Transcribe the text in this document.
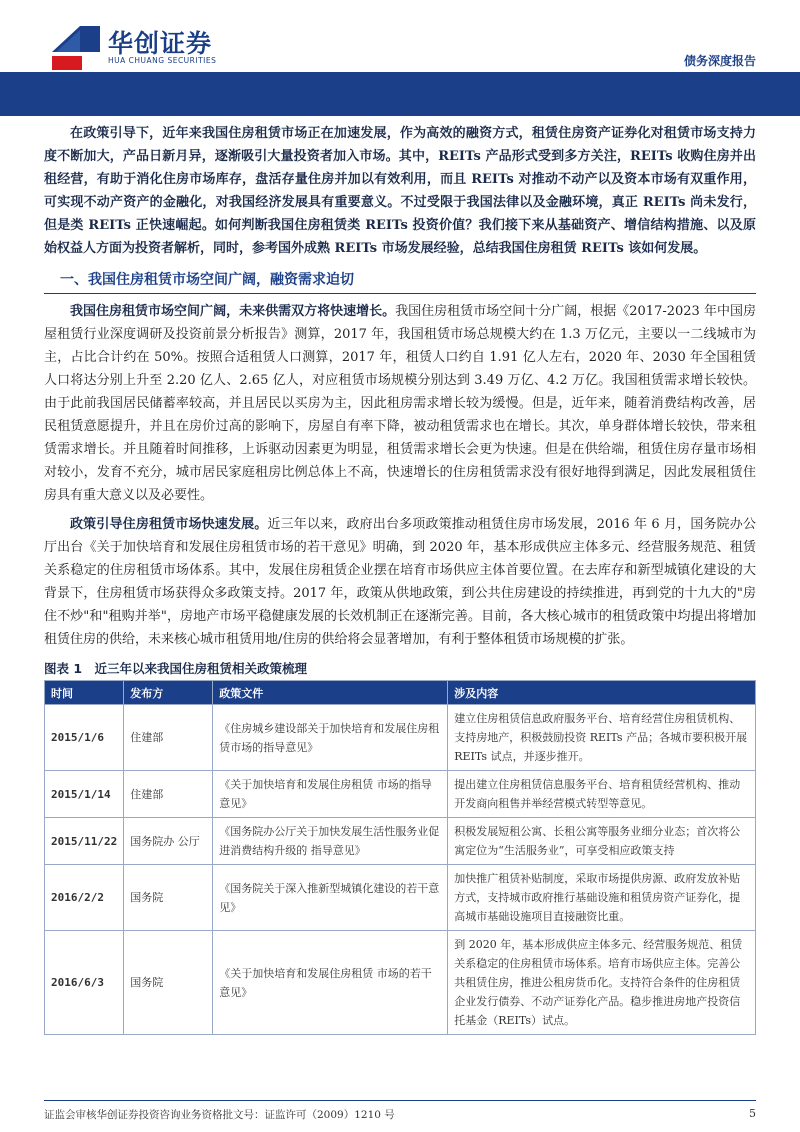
华创证券
HUA CHUANG SECURITIES	债务深度报告

在政策引导下，近年来我国住房租赁市场正在加速发展，作为高效的融资方式，租赁住房资产证券化对租赁市场支持力度不断加大，产品日新月异，逐渐吸引大量投资者加入市场。其中，REITs 产品形式受到多方关注，REITs 收购住房并出租经营，有助于消化住房市场库存，盘活存量住房并加以有效利用，而且 REITs 对推动不动产以及资本市场有双重作用，可实现不动产资产的金融化，对我国经济发展具有重要意义。不过受限于我国法律以及金融环境，真正 REITs 尚未发行，但是类 REITs 正快速崛起。如何判断我国住房租赁类 REITs 投资价值？我们接下来从基础资产、增信结构措施、以及原始权益人方面为投资者解析，同时，参考国外成熟 REITs 市场发展经验，总结我国住房租赁 REITs 该如何发展。

一、我国住房租赁市场空间广阔，融资需求迫切

我国住房租赁市场空间广阔，未来供需双方将快速增长。我国住房租赁市场空间十分广阔，根据《2017-2023 年中国房屋租赁行业深度调研及投资前景分析报告》测算，2017 年，我国租赁市场总规模大约在 1.3 万亿元，主要以一二线城市为主，占比合计约在 50%。按照合适租赁人口测算，2017 年，租赁人口约自 1.91 亿人左右，2020 年、2030 年全国租赁人口将达分别上升至 2.20 亿人、2.65 亿人，对应租赁市场规模分别达到 3.49 万亿、4.2 万亿。我国租赁需求增长较快。由于此前我国居民储蓄率较高，并且居民以买房为主，因此租房需求增长较为缓慢。但是，近年来，随着消费结构改善，居民租赁意愿提升，并且在房价过高的影响下，房屋自有率下降，被动租赁需求也在增长。其次，单身群体增长较快，带来租赁需求增长。并且随着时间推移，上诉驱动因素更为明显，租赁需求增长会更为快速。但是在供给端，租赁住房存量市场相对较小，发育不充分，城市居民家庭租房比例总体上不高，快速增长的住房租赁需求没有很好地得到满足，因此发展租赁住房具有重大意义以及必要性。

政策引导住房租赁市场快速发展。近三年以来，政府出台多项政策推动租赁住房市场发展，2016 年 6 月，国务院办公厅出台《关于加快培育和发展住房租赁市场的若干意见》明确，到 2020 年，基本形成供应主体多元、经营服务规范、租赁关系稳定的住房租赁市场体系。其中，发展住房租赁企业摆在培育市场供应主体首要位置。在去库存和新型城镇化建设的大背景下，住房租赁市场获得众多政策支持。2017 年，政策从供地政策，到公共住房建设的持续推进，再到党的十九大的"房住不炒"和"租购并举"，房地产市场平稳健康发展的长效机制正在逐渐完善。目前，各大核心城市的租赁政策中均提出将增加租赁住房的供给，未来核心城市租赁用地/住房的供给将会显著增加，有利于整体租赁市场规模的扩张。

图表 1　近三年以来我国住房租赁相关政策梳理
时间	发布方	政策文件	涉及内容
2015/1/6	住建部	《住房城乡建设部关于加快培育和发展住房租赁市场的指导意见》	建立住房租赁信息政府服务平台、培育经营住房租赁机构、支持房地产，积极鼓励投资 REITs 产品；各城市要积极开展 REITs 试点，并逐步推开。
2015/1/14	住建部	《关于加快培育和发展住房租赁 市场的指导意见》	提出建立住房租赁信息服务平台、培育租赁经营机构、推动开发商向租售并举经营模式转型等意见。
2015/11/22	国务院办 公厅	《国务院办公厅关于加快发展生活性服务业促进消费结构升级的 指导意见》	积极发展短租公寓、长租公寓等服务业细分业态；首次将公寓定位为“生活服务业”，可享受相应政策支持
2016/2/2	国务院	《国务院关于深入推新型城镇化建设的若干意见》	加快推广租赁补贴制度，采取市场提供房源、政府发放补贴方式，支持城市政府推行基础设施和租赁房资产证券化，提高城市基础设施项目直接融资比重。
2016/6/3	国务院	《关于加快培育和发展住房租赁 市场的若干意见》	到 2020 年，基本形成供应主体多元、经营服务规范、租赁关系稳定的住房租赁市场体系。培育市场供应主体。完善公共租赁住房，推进公租房货币化。支持符合条件的住房租赁企业发行债券、不动产证券化产品。稳步推进房地产投资信托基金（REITs）试点。
证监会审核华创证券投资咨询业务资格批文号：证监许可（2009）1210 号	5
